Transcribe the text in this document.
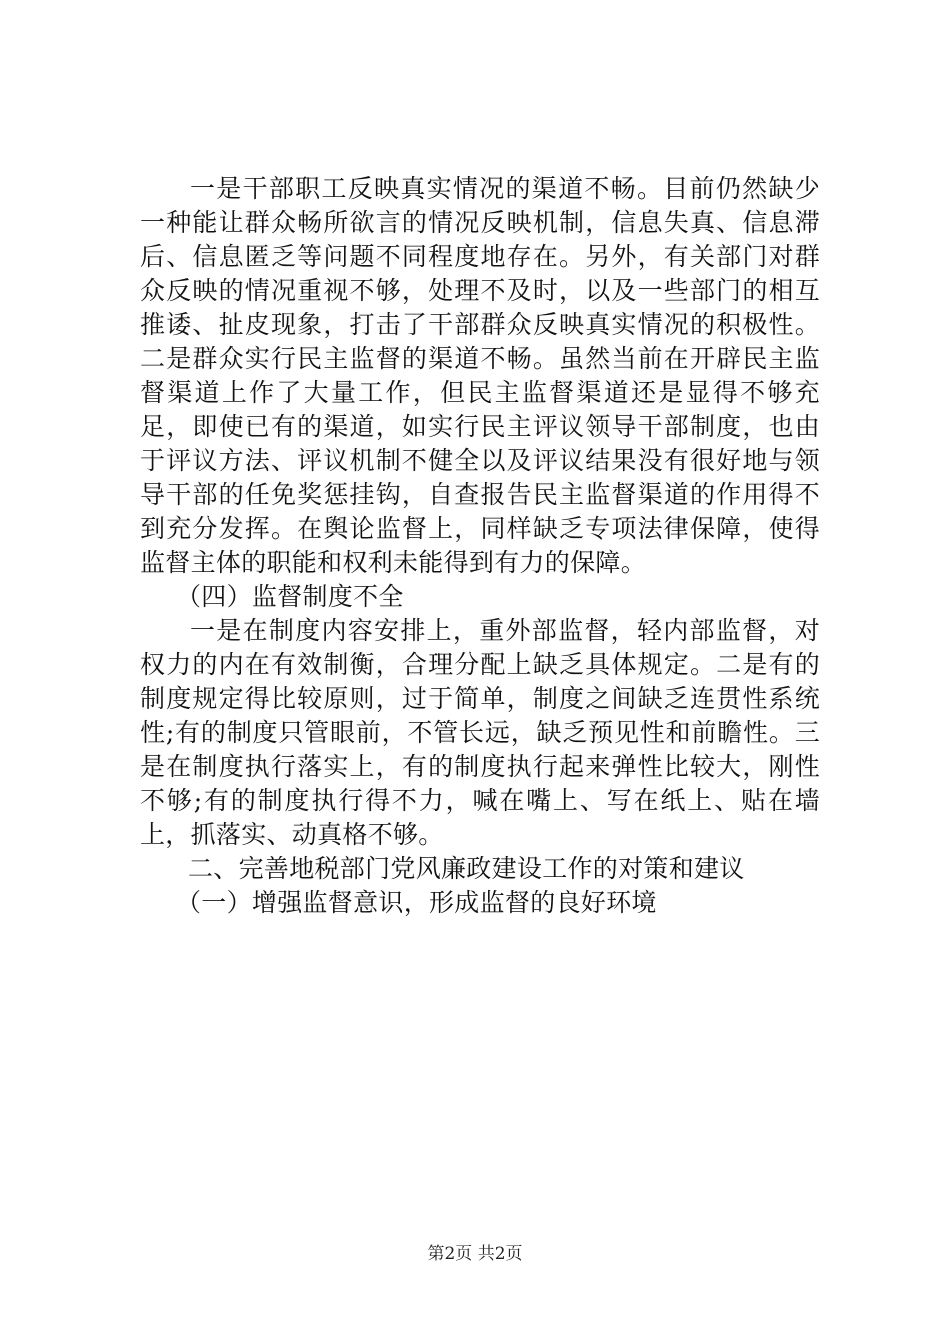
一是干部职工反映真实情况的渠道不畅。目前仍然缺少一种能让群众畅所欲言的情况反映机制，信息失真、信息滞后、信息匿乏等问题不同程度地存在。另外，有关部门对群众反映的情况重视不够，处理不及时，以及一些部门的相互推诿、扯皮现象，打击了干部群众反映真实情况的积极性。二是群众实行民主监督的渠道不畅。虽然当前在开辟民主监督渠道上作了大量工作，但民主监督渠道还是显得不够充足，即使已有的渠道，如实行民主评议领导干部制度，也由于评议方法、评议机制不健全以及评议结果没有很好地与领导干部的任免奖惩挂钩，自查报告民主监督渠道的作用得不到充分发挥。在舆论监督上，同样缺乏专项法律保障，使得监督主体的职能和权利未能得到有力的保障。

（四）监督制度不全

一是在制度内容安排上，重外部监督，轻内部监督，对权力的内在有效制衡，合理分配上缺乏具体规定。二是有的制度规定得比较原则，过于简单，制度之间缺乏连贯性系统性;有的制度只管眼前，不管长远，缺乏预见性和前瞻性。三是在制度执行落实上，有的制度执行起来弹性比较大，刚性不够;有的制度执行得不力，喊在嘴上、写在纸上、贴在墙上，抓落实、动真格不够。

二、完善地税部门党风廉政建设工作的对策和建议

（一）增强监督意识，形成监督的良好环境

第2页 共2页
